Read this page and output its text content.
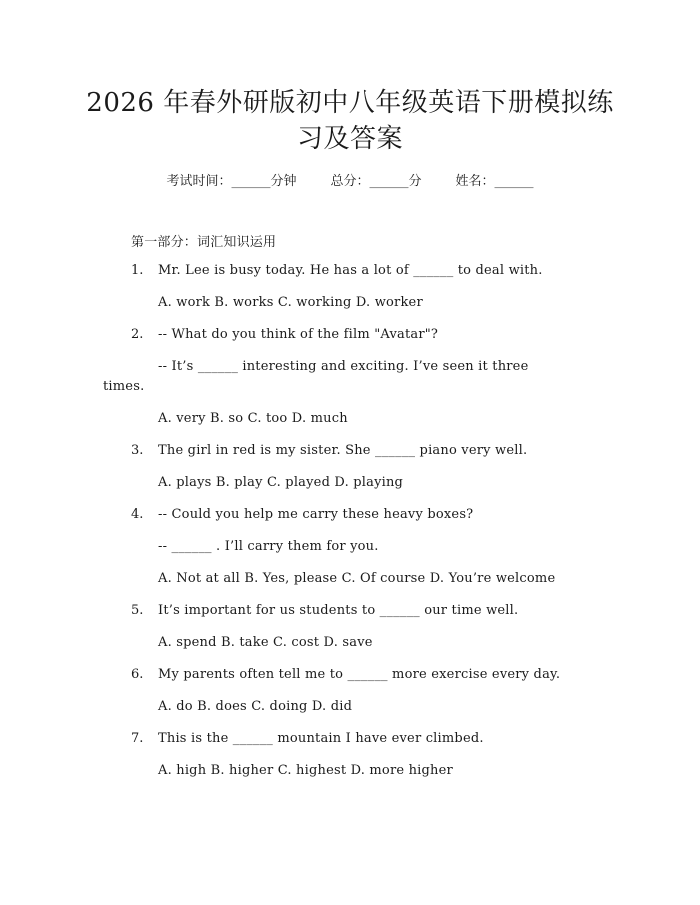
2026 年春外研版初中八年级英语下册模拟练
习及答案
考试时间：______分钟	总分：______分	姓名：______
第一部分：词汇知识运用
1. Mr. Lee is busy today. He has a lot of ______ to deal with.
A. work B. works C. working D. worker
2. -- What do you think of the film "Avatar"?
-- It’s ______ interesting and exciting. I’ve seen it three
times.
A. very B. so C. too D. much
3. The girl in red is my sister. She ______ piano very well.
A. plays B. play C. played D. playing
4. -- Could you help me carry these heavy boxes?
-- ______ . I’ll carry them for you.
A. Not at all B. Yes, please C. Of course D. You’re welcome
5. It’s important for us students to ______ our time well.
A. spend B. take C. cost D. save
6. My parents often tell me to ______ more exercise every day.
A. do B. does C. doing D. did
7. This is the ______ mountain I have ever climbed.
A. high B. higher C. highest D. more higher
